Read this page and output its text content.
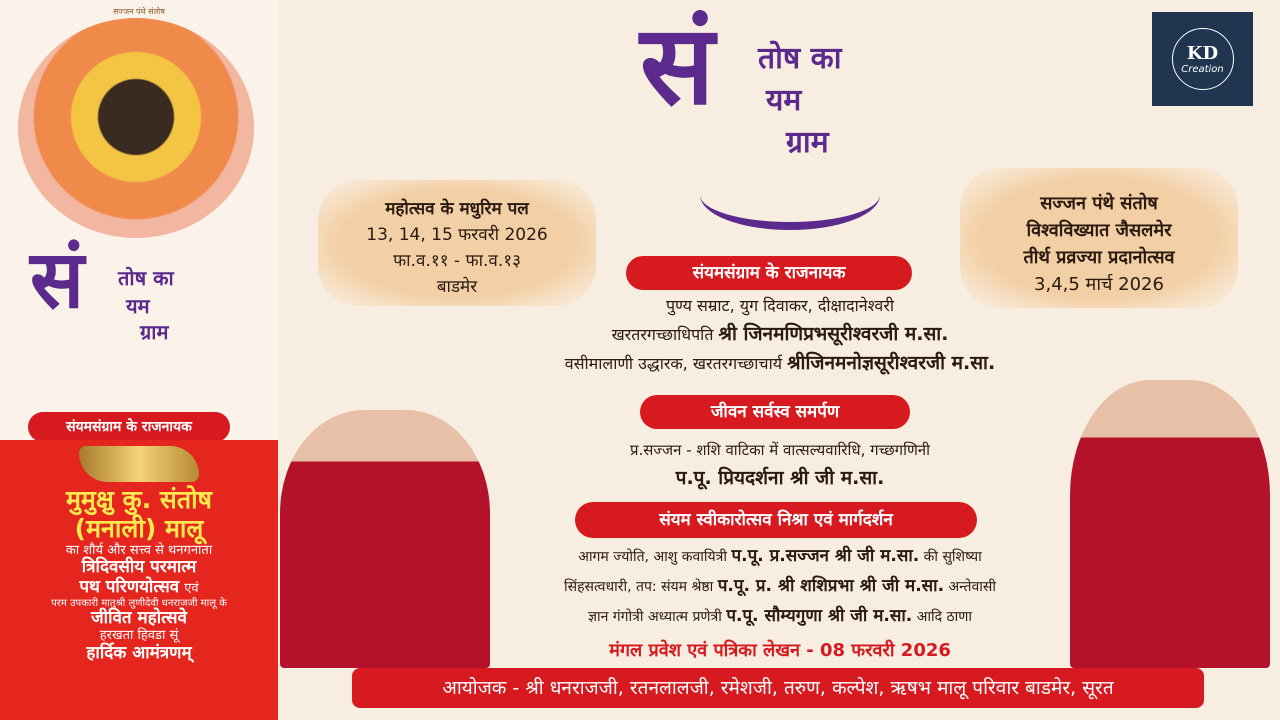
सज्जन पंथे संतोष
सं तोष का
यम
ग्राम
संयमसंग्राम के राजनायक
मुमुक्षु कु. संतोष
(मनाली) मालू
का शौर्य और सत्त्व से थनगनाता
त्रिदिवसीय परमात्म
पथ परिणयोत्सव एवं
परम उपकारी मातुश्री लुणीदेवी धनराजजी मालू के
जीवित महोत्सवे
हरखता हिवडा सूं
हार्दिक आमंत्रणम्
सं तोष का
यम
ग्राम
KD
Creation
महोत्सव के मधुरिम पल
13, 14, 15 फरवरी 2026
फा.व.११ - फा.व.१३
बाडमेर
सज्जन पंथे संतोष
विश्वविख्यात जैसलमेर
तीर्थ प्रव्रज्या प्रदानोत्सव
3,4,5 मार्च 2026
संयमसंग्राम के राजनायक
पुण्य सम्राट, युग दिवाकर, दीक्षादानेश्वरी
खरतरगच्छाधिपति श्री जिनमणिप्रभसूरीश्वरजी म.सा.
वसीमालाणी उद्धारक, खरतरगच्छाचार्य श्रीजिनमनोज्ञसूरीश्वरजी म.सा.
जीवन सर्वस्व समर्पण
प्र.सज्जन - शशि वाटिका में वात्सल्यवारिधि, गच्छगणिनी
प.पू. प्रियदर्शना श्री जी म.सा.
संयम स्वीकारोत्सव निश्रा एवं मार्गदर्शन
आगम ज्योति, आशु कवायित्री प.पू. प्र.सज्जन श्री जी म.सा. की सुशिष्या
सिंहसत्वधारी, तप: संयम श्रेष्ठा प.पू. प्र. श्री शशिप्रभा श्री जी म.सा. अन्तेवासी
ज्ञान गंगोत्री अध्यात्म प्रणेत्री प.पू. सौम्यगुणा श्री जी म.सा. आदि ठाणा
मंगल प्रवेश एवं पत्रिका लेखन - 08 फरवरी 2026
आयोजक - श्री धनराजजी, रतनलालजी, रमेशजी, तरुण, कल्पेश, ऋषभ मालू परिवार बाडमेर, सूरत
